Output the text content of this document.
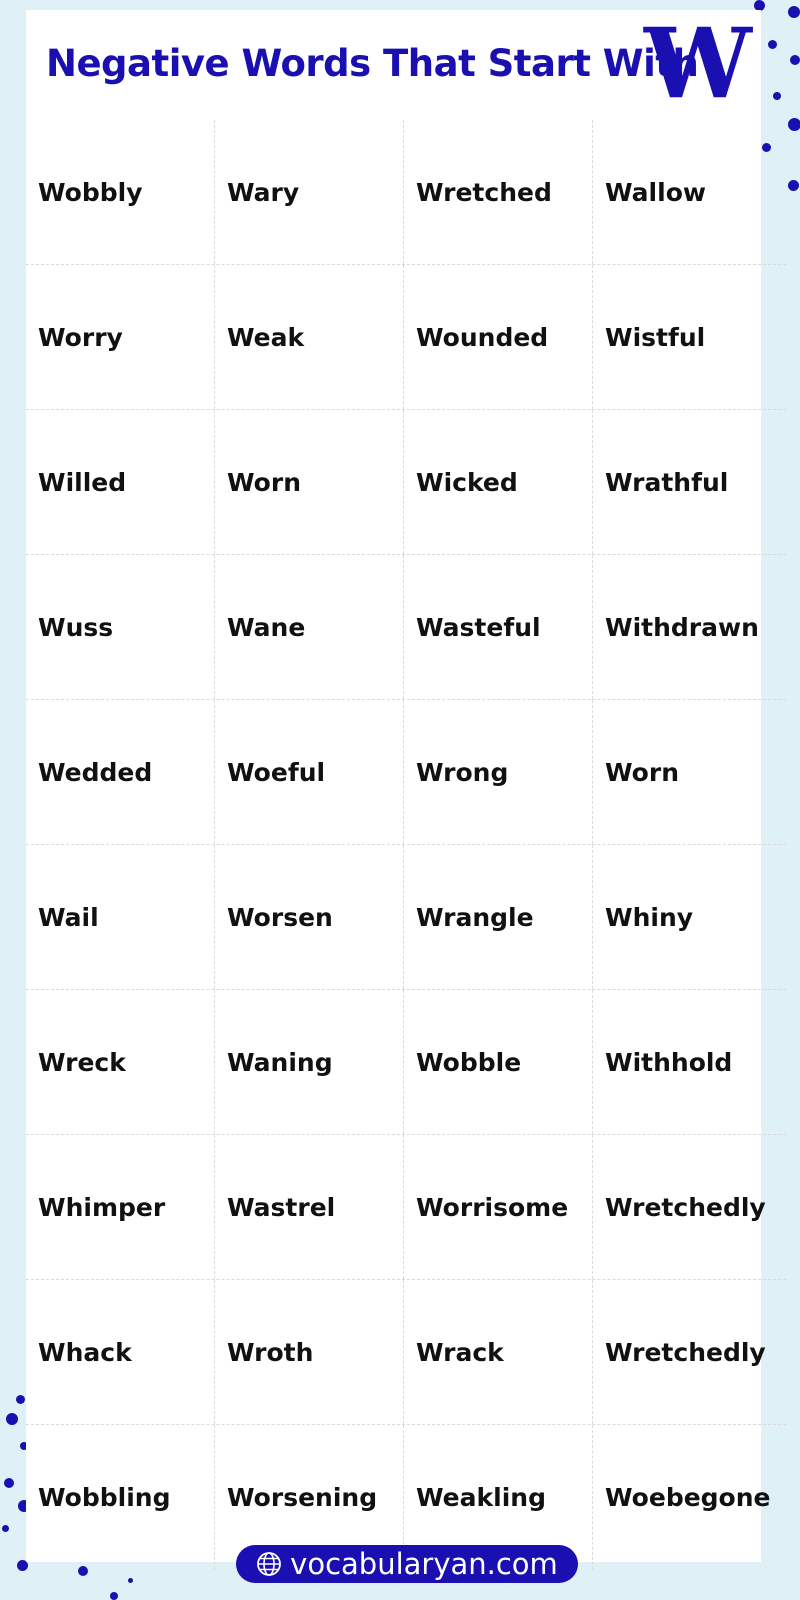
Negative Words That Start With
W
Wobbly	Wary	Wretched	Wallow
Worry	Weak	Wounded	Wistful
Willed	Worn	Wicked	Wrathful
Wuss	Wane	Wasteful	Withdrawn
Wedded	Woeful	Wrong	Worn
Wail	Worsen	Wrangle	Whiny
Wreck	Waning	Wobble	Withhold
Whimper	Wastrel	Worrisome	Wretchedly
Whack	Wroth	Wrack	Wretchedly
Wobbling	Worsening	Weakling	Woebegone
vocabularyan.com
